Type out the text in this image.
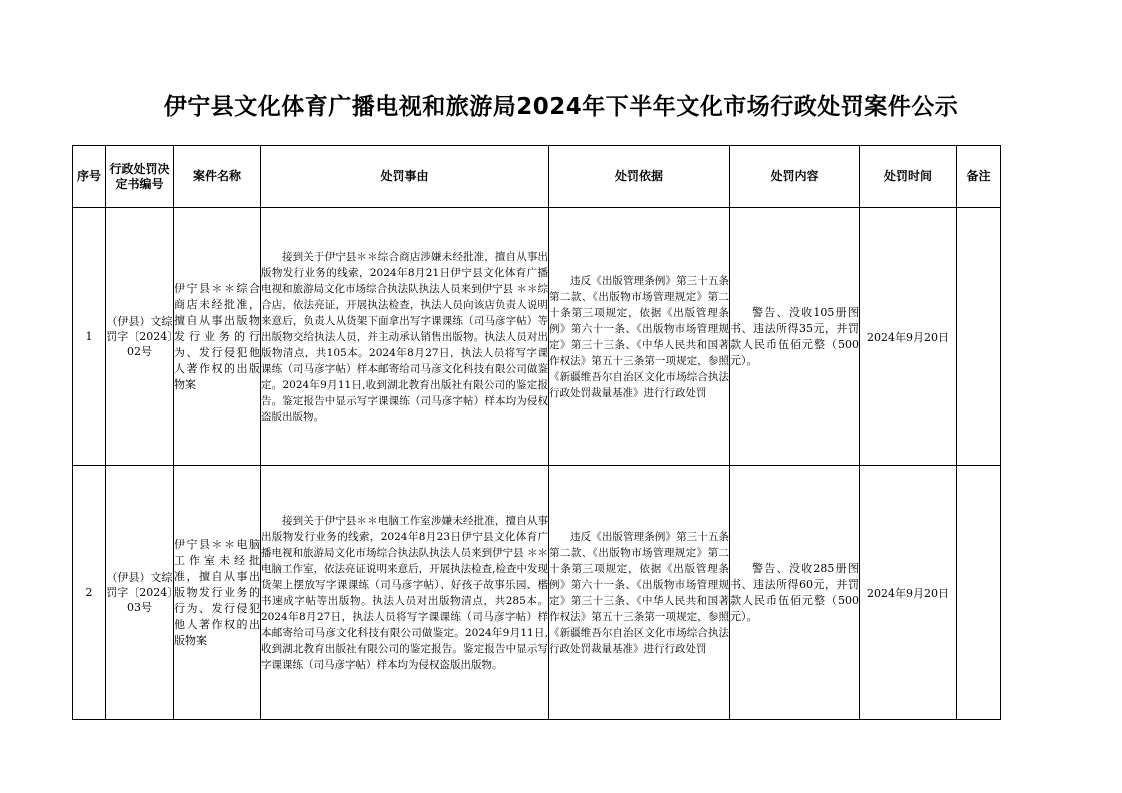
伊宁县文化体育广播电视和旅游局2024年下半年文化市场行政处罚案件公示
序号	行政处罚决定书编号	案件名称	处罚事由	处罚依据	处罚内容	处罚时间	备注
1	（伊县）文综罚字〔2024〕02号	伊宁县＊＊综合商店未经批准，擅自从事出版物发行业务的行为、发行侵犯他人著作权的出版物案	接到关于伊宁县＊＊综合商店涉嫌未经批准，擅自从事出版物发行业务的线索，2024年8月21日伊宁县文化体育广播电视和旅游局文化市场综合执法队执法人员来到伊宁县 ＊＊综合店，依法亮证，开展执法检查，执法人员向该店负责人说明来意后，负责人从货架下面拿出写字课课练（司马彦字帖）等出版物交给执法人员，并主动承认销售出版物。执法人员对出版物清点，共105本。2024年8月27日，执法人员将写字课课练（司马彦字帖）样本邮寄给司马彦文化科技有限公司做鉴定。2024年9月11日,收到湖北教育出版社有限公司的鉴定报告。鉴定报告中显示写字课课练（司马彦字帖）样本均为侵权盗版出版物。	违反《出版管理条例》第三十五条第二款、《出版物市场管理规定》第二十条第三项规定，依据《出版管理条例》第六十一条、《出版物市场管理规定》第三十三条、《中华人民共和国著作权法》第五十三条第一项规定，参照《新疆维吾尔自治区文化市场综合执法行政处罚裁量基准》进行行政处罚	警告、没收105册图书、违法所得35元，并罚款人民币伍佰元整（500元）。	2024年9月20日	
2	（伊县）文综罚字〔2024〕03号	伊宁县＊＊电脑工作室未经批准，擅自从事出版物发行业务的行为、发行侵犯他人著作权的出版物案	接到关于伊宁县＊＊电脑工作室涉嫌未经批准，擅自从事出版物发行业务的线索，2024年8月23日伊宁县文化体育广播电视和旅游局文化市场综合执法队执法人员来到伊宁县 ＊＊电脑工作室，依法亮证说明来意后，开展执法检查,检查中发现货架上摆放写字课课练（司马彦字帖）、好孩子故事乐园、楷书速成字帖等出版物。执法人员对出版物清点，共285本。2024年8月27日，执法人员将写字课课练（司马彦字帖）样本邮寄给司马彦文化科技有限公司做鉴定。2024年9月11日,收到湖北教育出版社有限公司的鉴定报告。鉴定报告中显示写字课课练（司马彦字帖）样本均为侵权盗版出版物。	违反《出版管理条例》第三十五条第二款、《出版物市场管理规定》第二十条第三项规定，依据《出版管理条例》第六十一条、《出版物市场管理规定》第三十三条、《中华人民共和国著作权法》第五十三条第一项规定，参照《新疆维吾尔自治区文化市场综合执法行政处罚裁量基准》进行行政处罚	警告、没收285册图书、违法所得60元，并罚款人民币伍佰元整（500元）。	2024年9月20日	
